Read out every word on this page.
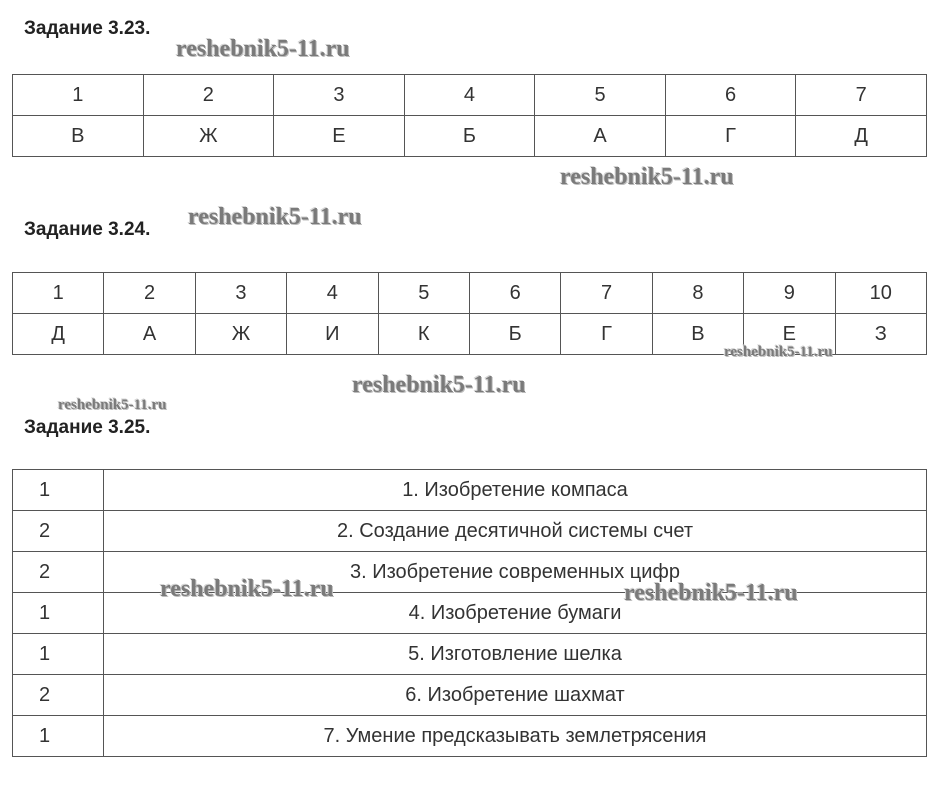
Задание 3.23.
reshebnik5-11.ru
1	2	3	4	5	6	7
В	Ж	Е	Б	А	Г	Д
reshebnik5-11.ru
Задание 3.24. reshebnik5-11.ru
1	2	3	4	5	6	7	8	9	10
Д	А	Ж	И	К	Б	Г	В	Е	З
reshebnik5-11.ru
reshebnik5-11.ru
reshebnik5-11.ru
Задание 3.25.
1	1. Изобретение компаса
2	2. Создание десятичной системы счет
2	3. Изобретение современных цифр
1	4. Изобретение бумаги
1	5. Изготовление шелка
2	6. Изобретение шахмат
1	7. Умение предсказывать землетрясения
reshebnik5-11.ru	reshebnik5-11.ru
